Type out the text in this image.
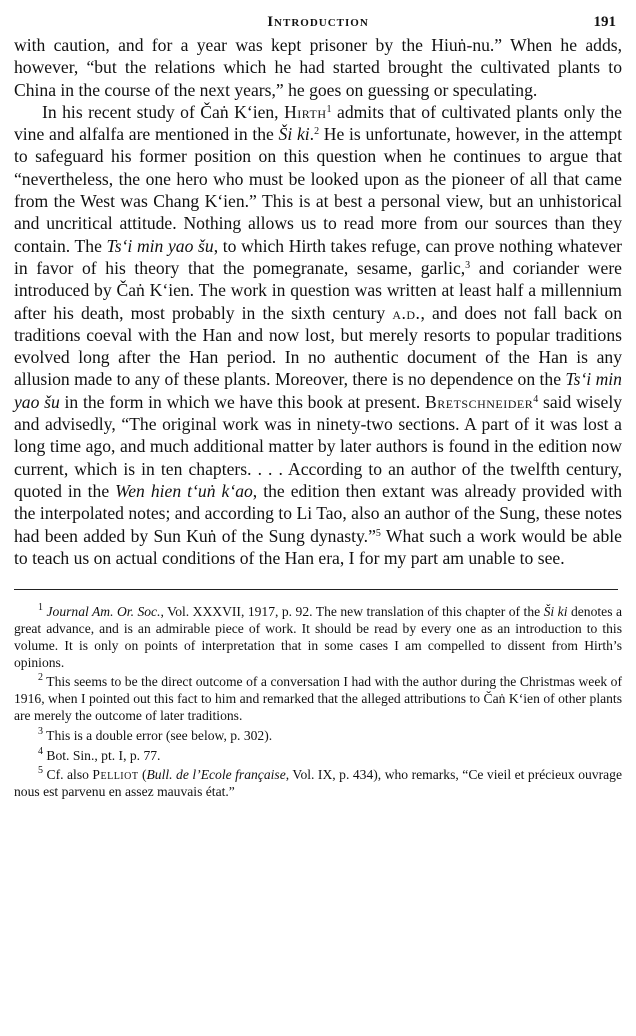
Introduction	191

with caution, and for a year was kept prisoner by the Hiuṅ-nu.” When he adds, however, “but the relations which he had started brought the cultivated plants to China in the course of the next years,” he goes on guessing or speculating.

In his recent study of Čaṅ K‘ien, Hirth$^1$ admits that of cultivated plants only the vine and alfalfa are mentioned in the Ši ki.$^2$ He is unfortunate, however, in the attempt to safeguard his former position on this question when he continues to argue that “nevertheless, the one hero who must be looked upon as the pioneer of all that came from the West was Chang K‘ien.” This is at best a personal view, but an unhistorical and uncritical attitude. Nothing allows us to read more from our sources than they contain. The Ts‘i min yao šu, to which Hirth takes refuge, can prove nothing whatever in favor of his theory that the pomegranate, sesame, garlic,$^3$ and coriander were introduced by Čaṅ K‘ien. The work in question was written at least half a millennium after his death, most probably in the sixth century a.d., and does not fall back on traditions coeval with the Han and now lost, but merely resorts to popular traditions evolved long after the Han period. In no authentic document of the Han is any allusion made to any of these plants. Moreover, there is no dependence on the Ts‘i min yao šu in the form in which we have this book at present. Bretschneider$^4$ said wisely and advisedly, “The original work was in ninety-two sections. A part of it was lost a long time ago, and much additional matter by later authors is found in the edition now current, which is in ten chapters. . . . According to an author of the twelfth century, quoted in the Wen hien t‘uṅ k‘ao, the edition then extant was already provided with the interpolated notes; and according to Li Tao, also an author of the Sung, these notes had been added by Sun Kuṅ of the Sung dynasty.”$^5$ What such a work would be able to teach us on actual conditions of the Han era, I for my part am unable to see.

$^1$ Journal Am. Or. Soc., Vol. XXXVII, 1917, p. 92. The new translation of this chapter of the Ši ki denotes a great advance, and is an admirable piece of work. It should be read by every one as an introduction to this volume. It is only on points of interpretation that in some cases I am compelled to dissent from Hirth’s opinions.

$^2$ This seems to be the direct outcome of a conversation I had with the author during the Christmas week of 1916, when I pointed out this fact to him and remarked that the alleged attributions to Čaṅ K‘ien of other plants are merely the outcome of later traditions.

$^3$ This is a double error (see below, p. 302).

$^4$ Bot. Sin., pt. I, p. 77.

$^5$ Cf. also Pelliot (Bull. de l’Ecole française, Vol. IX, p. 434), who remarks, “Ce vieil et précieux ouvrage nous est parvenu en assez mauvais état.”
